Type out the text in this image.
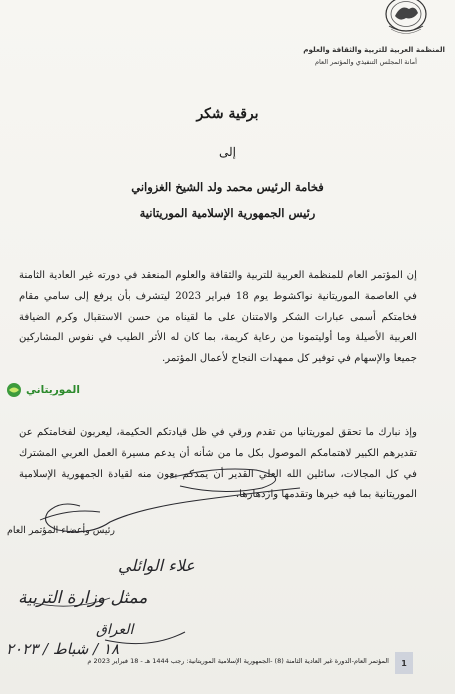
المنظمة العربية للتربية والثقافة والعلوم
أمانة المجلس التنفيذي والمؤتمر العام
برقية شكر
إلى
فخامة الرئيس محمد ولد الشيخ الغزواني
رئيس الجمهورية الإسلامية الموريتانية
إن المؤتمر العام للمنظمة العربية للتربية والثقافة والعلوم المنعقد في دورته غير العادية الثامنة في العاصمة الموريتانية نواكشوط يوم 18 فبراير 2023 ليتشرف بأن يرفع إلى سامي مقام فخامتكم أسمى عبارات الشكر والامتنان على ما لقيناه من حسن الاستقبال وكرم الضيافة العربية الأصيلة وما أوليتمونا من رعاية كريمة، بما كان له الأثر الطيب في نفوس المشاركين جميعا والإسهام في توفير كل ممهدات النجاح لأعمال المؤتمر.
الموريتاني
وإذ نبارك ما تحقق لموريتانيا من تقدم ورقي في ظل قيادتكم الحكيمة، ليعربون لفخامتكم عن تقديرهم الكبير لاهتمامكم الموصول بكل ما من شأنه أن يدعم مسيرة العمل العربي المشترك في كل المجالات، سائلين الله العلي القدير أن يمدكم بعون منه لقيادة الجمهورية الإسلامية الموريتانية بما فيه خيرها وتقدمها وازدهارها.
رئيس وأعضاء المؤتمر العام
علاء الوائلي
ممثل وزارة التربية
العراق
١٨ / شباط / ٢٠٢٣
1
المؤتمر العام-الدورة غير العادية الثامنة (8) -الجمهورية الإسلامية الموريتانية: رجب 1444 هـ - 18 فبراير 2023 م
